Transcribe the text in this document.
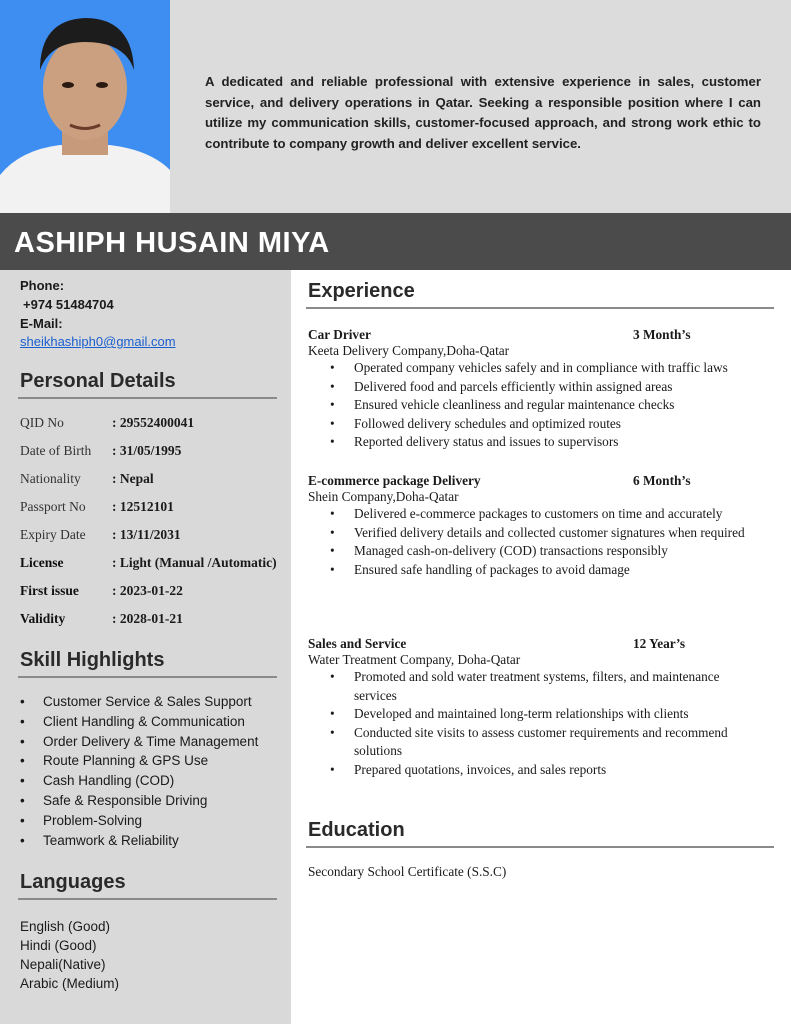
A dedicated and reliable professional with extensive experience in sales, customer service, and delivery operations in Qatar. Seeking a responsible position where I can utilize my communication skills, customer-focused approach, and strong work ethic to contribute to company growth and deliver excellent service.

ASHIPH HUSAIN MIYA
Phone:
+974 51484704
E-Mail:
sheikhashiph0@gmail.com
Personal Details
QID No	: 29552400041
Date of Birth	: 31/05/1995
Nationality	: Nepal
Passport No	: 12512101
Expiry Date	: 13/11/2031
License	: Light (Manual /Automatic)
First issue	: 2023-01-22
Validity	: 2028-01-21
Skill Highlights
•	Customer Service & Sales Support
•	Client Handling & Communication
•	Order Delivery & Time Management
•	Route Planning & GPS Use
•	Cash Handling (COD)
•	Safe & Responsible Driving
•	Problem-Solving
•	Teamwork & Reliability
Languages
English (Good)
Hindi (Good)
Nepali(Native)
Arabic (Medium)
Experience
Car Driver	3 Month’s
Keeta Delivery Company,Doha-Qatar
•	Operated company vehicles safely and in compliance with traffic laws
•	Delivered food and parcels efficiently within assigned areas
•	Ensured vehicle cleanliness and regular maintenance checks
•	Followed delivery schedules and optimized routes
•	Reported delivery status and issues to supervisors
E-commerce package Delivery	6 Month’s
Shein Company,Doha-Qatar
•	Delivered e-commerce packages to customers on time and accurately
•	Verified delivery details and collected customer signatures when required
•	Managed cash-on-delivery (COD) transactions responsibly
•	Ensured safe handling of packages to avoid damage
Sales and Service	12 Year’s
Water Treatment Company, Doha-Qatar
•	Promoted and sold water treatment systems, filters, and maintenance services
•	Developed and maintained long-term relationships with clients
•	Conducted site visits to assess customer requirements and recommend solutions
•	Prepared quotations, invoices, and sales reports
Education
Secondary School Certificate (S.S.C)
